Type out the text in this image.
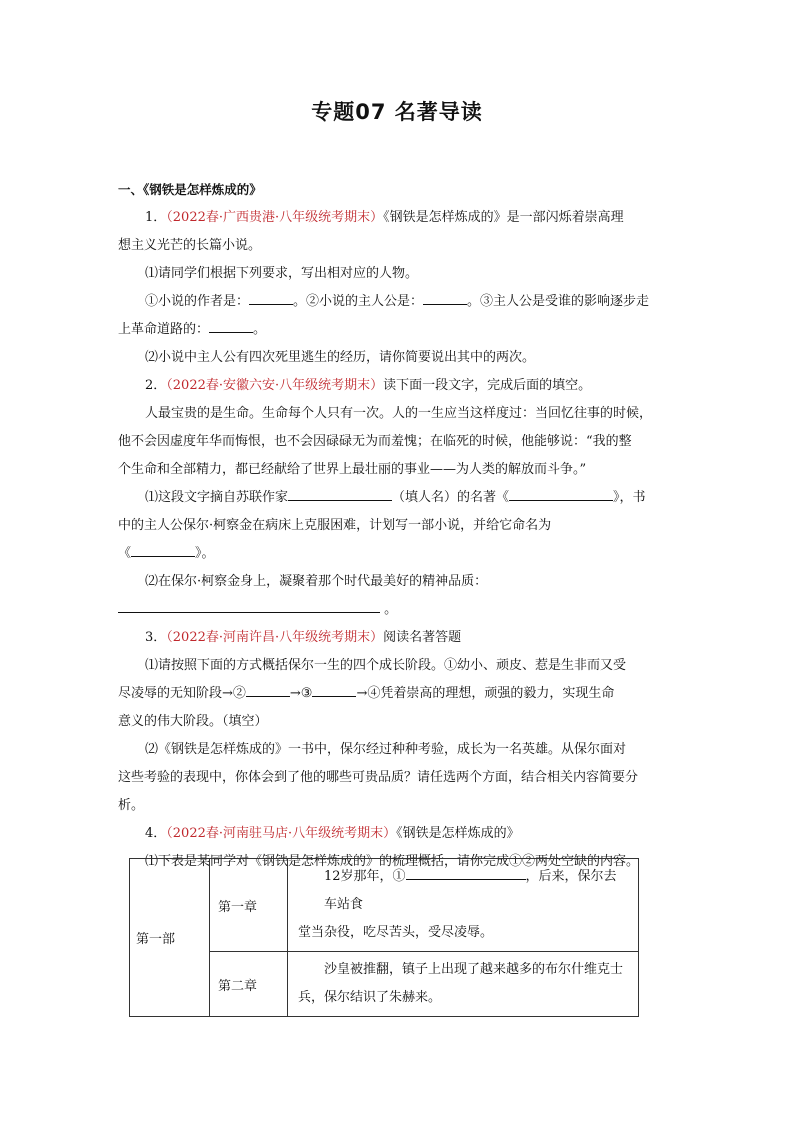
专题07 名著导读
一、《钢铁是怎样炼成的》
1．（2022春·广西贵港·八年级统考期末）《钢铁是怎样炼成的》是一部闪烁着崇高理
想主义光芒的长篇小说。
⑴请同学们根据下列要求，写出相对应的人物。
①小说的作者是：	。②小说的主人公是：	。③主人公是受谁的影响逐步走
上革命道路的：	。
⑵小说中主人公有四次死里逃生的经历，请你简要说出其中的两次。
2．（2022春·安徽六安·八年级统考期末）读下面一段文字，完成后面的填空。
人最宝贵的是生命。生命每个人只有一次。人的一生应当这样度过：当回忆往事的时候，
他不会因虚度年华而悔恨，也不会因碌碌无为而羞愧；在临死的时候，他能够说：“我的整
个生命和全部精力，都已经献给了世界上最壮丽的事业——为人类的解放而斗争。”
⑴这段文字摘自苏联作家	（填人名）的名著《	》，书
中的主人公保尔·柯察金在病床上克服困难，计划写一部小说，并给它命名为
《	》。
⑵在保尔·柯察金身上，凝聚着那个时代最美好的精神品质：
。
3．（2022春·河南许昌·八年级统考期末）阅读名著答题
⑴请按照下面的方式概括保尔一生的四个成长阶段。①幼小、顽皮、惹是生非而又受
尽凌辱的无知阶段→②	→③	→④凭着崇高的理想，顽强的毅力，实现生命
意义的伟大阶段。（填空）
⑵《钢铁是怎样炼成的》一书中，保尔经过种种考验，成长为一名英雄。从保尔面对
这些考验的表现中，你体会到了他的哪些可贵品质？请任选两个方面，结合相关内容简要分
析。
4．（2022春·河南驻马店·八年级统考期末）《钢铁是怎样炼成的》
⑴下表是某同学对《钢铁是怎样炼成的》的梳理概括，请你完成①②两处空缺的内容。
第一部	第一章	12岁那年，① ，后来，保尔去车站食
堂当杂役，吃尽苦头，受尽凌辱。

	第二章	沙皇被推翻，镇子上出现了越来越多的布尔什维克士
兵，保尔结识了朱赫来。
